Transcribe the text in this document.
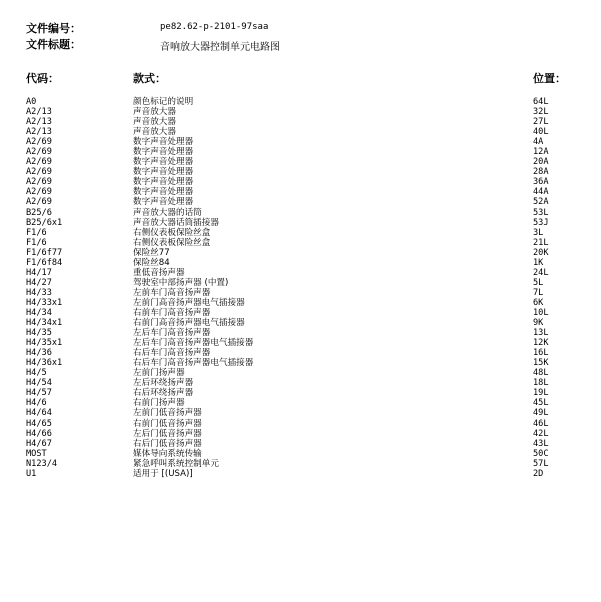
文件编号：	pe82.62-p-2101-97saa
文件标题：	音响放大器控制单元电路图
代码：	款式：	位置：
A0	颜色标记的说明	64L
A2/13	声音放大器	32L
A2/13	声音放大器	27L
A2/13	声音放大器	40L
A2/69	数字声音处理器	4A
A2/69	数字声音处理器	12A
A2/69	数字声音处理器	20A
A2/69	数字声音处理器	28A
A2/69	数字声音处理器	36A
A2/69	数字声音处理器	44A
A2/69	数字声音处理器	52A
B25/6	声音放大器的话筒	53L
B25/6x1	声音放大器话筒插接器	53J
F1/6	右侧仪表板保险丝盒	3L
F1/6	右侧仪表板保险丝盒	21L
F1/6f77	保险丝77	20K
F1/6f84	保险丝84	1K
H4/17	重低音扬声器	24L
H4/27	驾驶室中部扬声器 (中置)	5L
H4/33	左前车门高音扬声器	7L
H4/33x1	左前门高音扬声器电气插接器	6K
H4/34	右前车门高音扬声器	10L
H4/34x1	右前门高音扬声器电气插接器	9K
H4/35	左后车门高音扬声器	13L
H4/35x1	左后车门高音扬声器电气插接器	12K
H4/36	右后车门高音扬声器	16L
H4/36x1	右后车门高音扬声器电气插接器	15K
H4/5	左前门扬声器	48L
H4/54	左后环绕扬声器	18L
H4/57	右后环绕扬声器	19L
H4/6	右前门扬声器	45L
H4/64	左前门低音扬声器	49L
H4/65	右前门低音扬声器	46L
H4/66	左后门低音扬声器	42L
H4/67	右后门低音扬声器	43L
MOST	媒体导向系统传输	50C
N123/4	紧急呼叫系统控制单元	57L
U1	适用于 [(USA)]	2D
